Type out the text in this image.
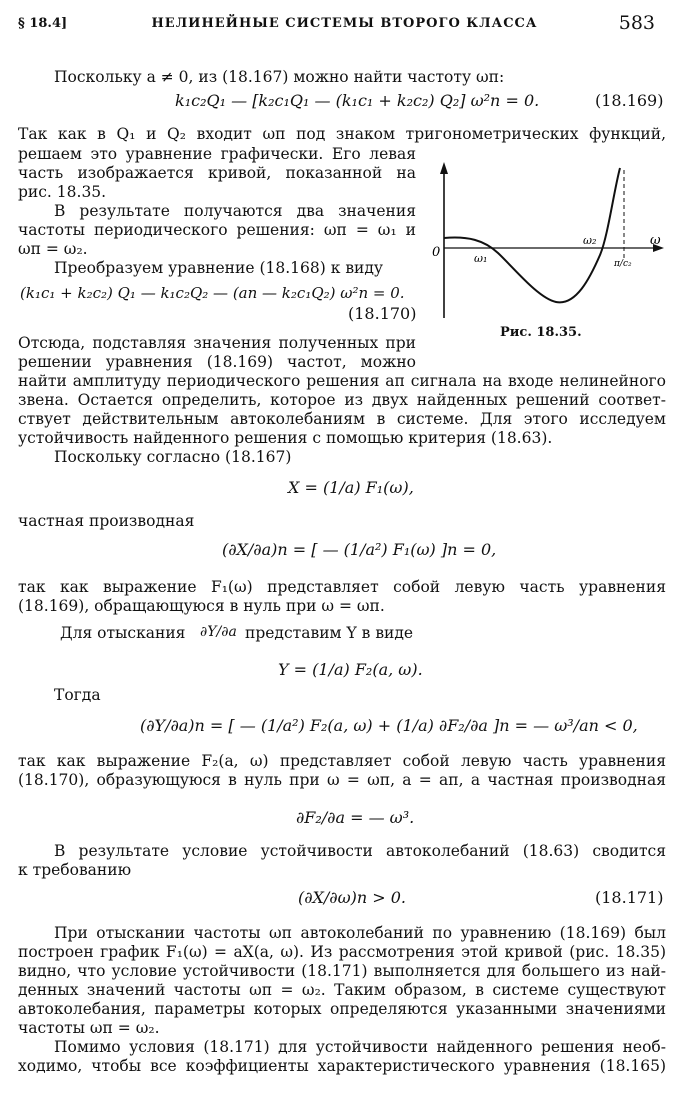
§ 18.4]	НЕЛИНЕЙНЫЕ СИСТЕМЫ ВТОРОГО КЛАССА	583
Поскольку a ≠ 0, из (18.167) можно найти частоту ωп:
k₁c₂Q₁ — [k₂c₁Q₁ — (k₁c₁ + k₂c₂) Q₂] ω²п = 0.	(18.169)
Так как в Q₁ и Q₂ входит ωп под знаком тригонометрических функций,
решаем это уравнение графически. Его левая
часть изображается кривой, показанной на
рис. 18.35.
В результате получаются два значения
частоты периодического решения: ωп = ω₁ и
ωп = ω₂.
Преобразуем уравнение (18.168) к виду
(k₁c₁ + k₂c₂) Q₁ — k₁c₂Q₂ — (aп — k₂c₁Q₂) ω²п = 0.
(18.170)
0
ω
ω₁
ω₂
π/c₂
Рис. 18.35.
Отсюда, подставляя значения полученных при
решении уравнения (18.169) частот, можно
найти амплитуду периодического решения aп сигнала на входе нелинейного
звена. Остается определить, которое из двух найденных решений соответ-
ствует действительным автоколебаниям в системе. Для этого исследуем
устойчивость найденного решения с помощью критерия (18.63).
Поскольку согласно (18.167)
X = (1/a) F₁(ω),
частная производная
(∂X/∂a)п = [ — (1/a²) F₁(ω) ]п = 0,
так как выражение F₁(ω) представляет собой левую часть уравнения
(18.169), обращающуюся в нуль при ω = ωп.
Для отыскания ∂Y/∂a представим Y в виде
Y = (1/a) F₂(a, ω).
Тогда
(∂Y/∂a)п = [ — (1/a²) F₂(a, ω) + (1/a) ∂F₂/∂a ]п = — ω³/aп < 0,
так как выражение F₂(a, ω) представляет собой левую часть уравнения
(18.170), образующуюся в нуль при ω = ωп, a = aп, а частная производная
∂F₂/∂a = — ω³.
В результате условие устойчивости автоколебаний (18.63) сводится
к требованию
(∂X/∂ω)п > 0.	(18.171)
При отыскании частоты ωп автоколебаний по уравнению (18.169) был
построен график F₁(ω) = aX(a, ω). Из рассмотрения этой кривой (рис. 18.35)
видно, что условие устойчивости (18.171) выполняется для большего из най-
денных значений частоты ωп = ω₂. Таким образом, в системе существуют
автоколебания, параметры которых определяются указанными значениями
частоты ωп = ω₂.
Помимо условия (18.171) для устойчивости найденного решения необ-
ходимо, чтобы все коэффициенты характеристического уравнения (18.165)
